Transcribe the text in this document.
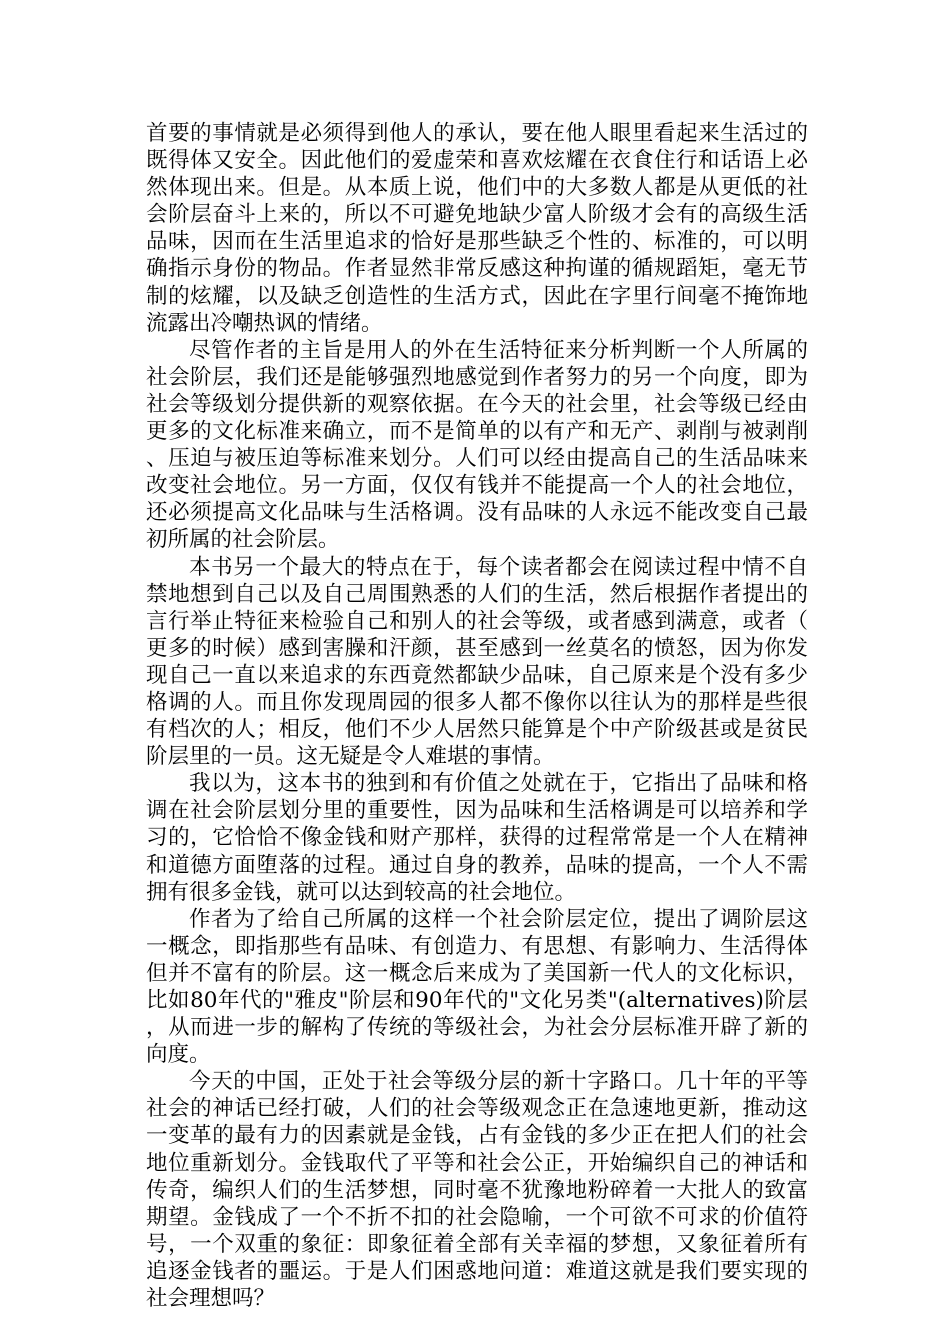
首要的事情就是必须得到他人的承认，要在他人眼里看起来生活过的既得体又安全。因此他们的爱虚荣和喜欢炫耀在衣食住行和话语上必然体现出来。但是。从本质上说，他们中的大多数人都是从更低的社会阶层奋斗上来的，所以不可避免地缺少富人阶级才会有的高级生活品味，因而在生活里追求的恰好是那些缺乏个性的、标准的，可以明确指示身份的物品。作者显然非常反感这种拘谨的循规蹈矩，毫无节制的炫耀，以及缺乏创造性的生活方式，因此在字里行间毫不掩饰地流露出冷嘲热讽的情绪。

尽管作者的主旨是用人的外在生活特征来分析判断一个人所属的社会阶层，我们还是能够强烈地感觉到作者努力的另一个向度，即为社会等级划分提供新的观察依据。在今天的社会里，社会等级已经由更多的文化标准来确立，而不是简单的以有产和无产、剥削与被剥削、压迫与被压迫等标准来划分。人们可以经由提高自己的生活品味来改变社会地位。另一方面，仅仅有钱并不能提高一个人的社会地位，还必须提高文化品味与生活格调。没有品味的人永远不能改变自己最初所属的社会阶层。

本书另一个最大的特点在于，每个读者都会在阅读过程中情不自禁地想到自己以及自己周围熟悉的人们的生活，然后根据作者提出的言行举止特征来检验自己和别人的社会等级，或者感到满意，或者（更多的时候）感到害臊和汗颜，甚至感到一丝莫名的愤怒，因为你发现自己一直以来追求的东西竟然都缺少品味，自己原来是个没有多少格调的人。而且你发现周园的很多人都不像你以往认为的那样是些很有档次的人；相反，他们不少人居然只能算是个中产阶级甚或是贫民阶层里的一员。这无疑是令人难堪的事情。

我以为，这本书的独到和有价值之处就在于，它指出了品味和格调在社会阶层划分里的重要性，因为品味和生活格调是可以培养和学习的，它恰恰不像金钱和财产那样，获得的过程常常是一个人在精神和道德方面堕落的过程。通过自身的教养，品味的提高，一个人不需拥有很多金钱，就可以达到较高的社会地位。

作者为了给自己所属的这样一个社会阶层定位，提出了调阶层这一概念，即指那些有品味、有创造力、有思想、有影响力、生活得体但并不富有的阶层。这一概念后来成为了美国新一代人的文化标识，比如80年代的"雅皮"阶层和90年代的"文化另类"(alternatives)阶层，从而进一步的解构了传统的等级社会，为社会分层标准开辟了新的向度。

今天的中国，正处于社会等级分层的新十字路口。几十年的平等社会的神话已经打破，人们的社会等级观念正在急速地更新，推动这一变革的最有力的因素就是金钱，占有金钱的多少正在把人们的社会地位重新划分。金钱取代了平等和社会公正，开始编织自己的神话和传奇，编织人们的生活梦想，同时毫不犹豫地粉碎着一大批人的致富期望。金钱成了一个不折不扣的社会隐喻，一个可欲不可求的价值符号，一个双重的象征：即象征着全部有关幸福的梦想，又象征着所有追逐金钱者的噩运。于是人们困惑地问道：难道这就是我们要实现的社会理想吗？
